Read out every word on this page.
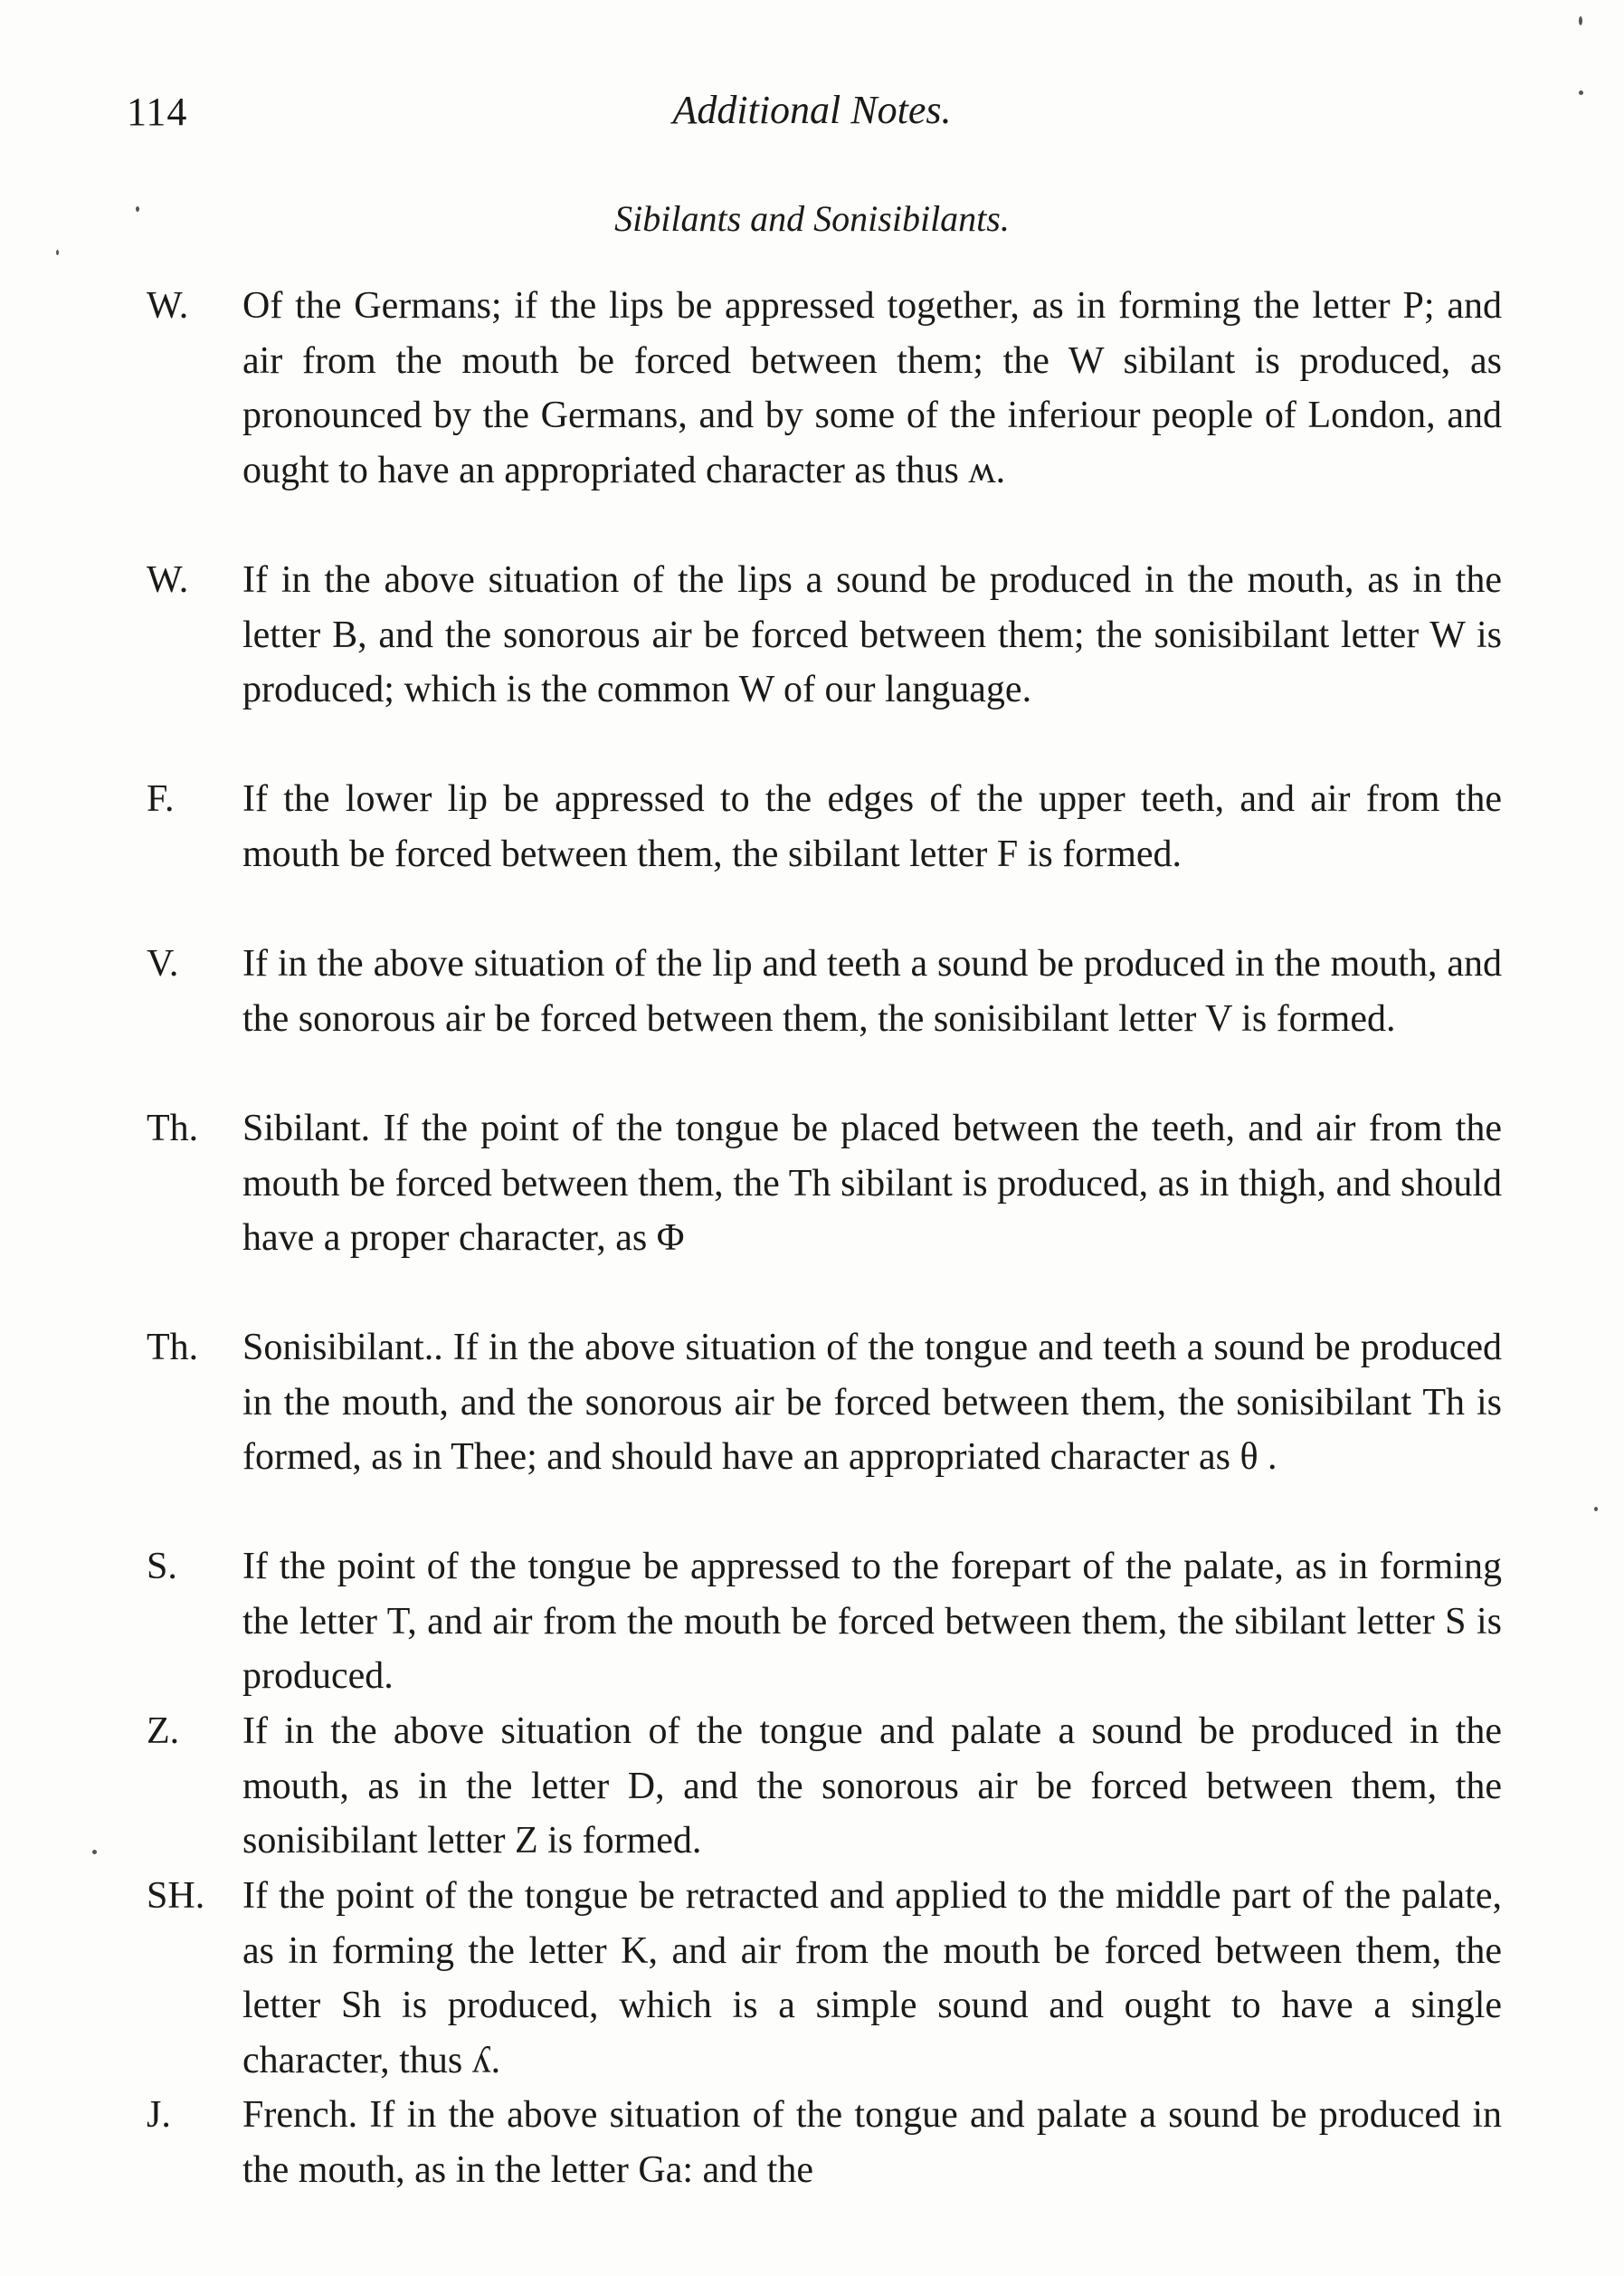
114	Additional Notes.
Sibilants and Sonisibilants.
W.	Of the Germans; if the lips be appressed together, as in forming the letter P; and air from the mouth be forced between them; the W sibilant is produced, as pronounced by the Germans, and by some of the inferiour people of London, and ought to have an appropriated character as thus ʍ.
W.	If in the above situation of the lips a sound be produced in the mouth, as in the letter B, and the sonorous air be forced between them; the sonisibilant letter W is produced; which is the common W of our language.
F.	If the lower lip be appressed to the edges of the upper teeth, and air from the mouth be forced between them, the sibilant letter F is formed.
V.	If in the above situation of the lip and teeth a sound be produced in the mouth, and the sonorous air be forced between them, the sonisibilant letter V is formed.
Th.	Sibilant. If the point of the tongue be placed between the teeth, and air from the mouth be forced between them, the Th sibilant is produced, as in thigh, and should have a proper character, as Φ
Th.	Sonisibilant.. If in the above situation of the tongue and teeth a sound be produced in the mouth, and the sonorous air be forced between them, the sonisibilant Th is formed, as in Thee; and should have an appropriated character as θ .
S.	If the point of the tongue be appressed to the forepart of the palate, as in forming the letter T, and air from the mouth be forced between them, the sibilant letter S is produced.
Z.	If in the above situation of the tongue and palate a sound be produced in the mouth, as in the letter D, and the sonorous air be forced between them, the sonisibilant letter Z is formed.
SH. If the point of the tongue be retracted and applied to the middle part of the palate, as in forming the letter K, and air from the mouth be forced between them, the letter Sh is produced, which is a simple sound and ought to have a single character, thus ʎ.
J.	French. If in the above situation of the tongue and palate a sound be produced in the mouth, as in the letter Ga: and the
